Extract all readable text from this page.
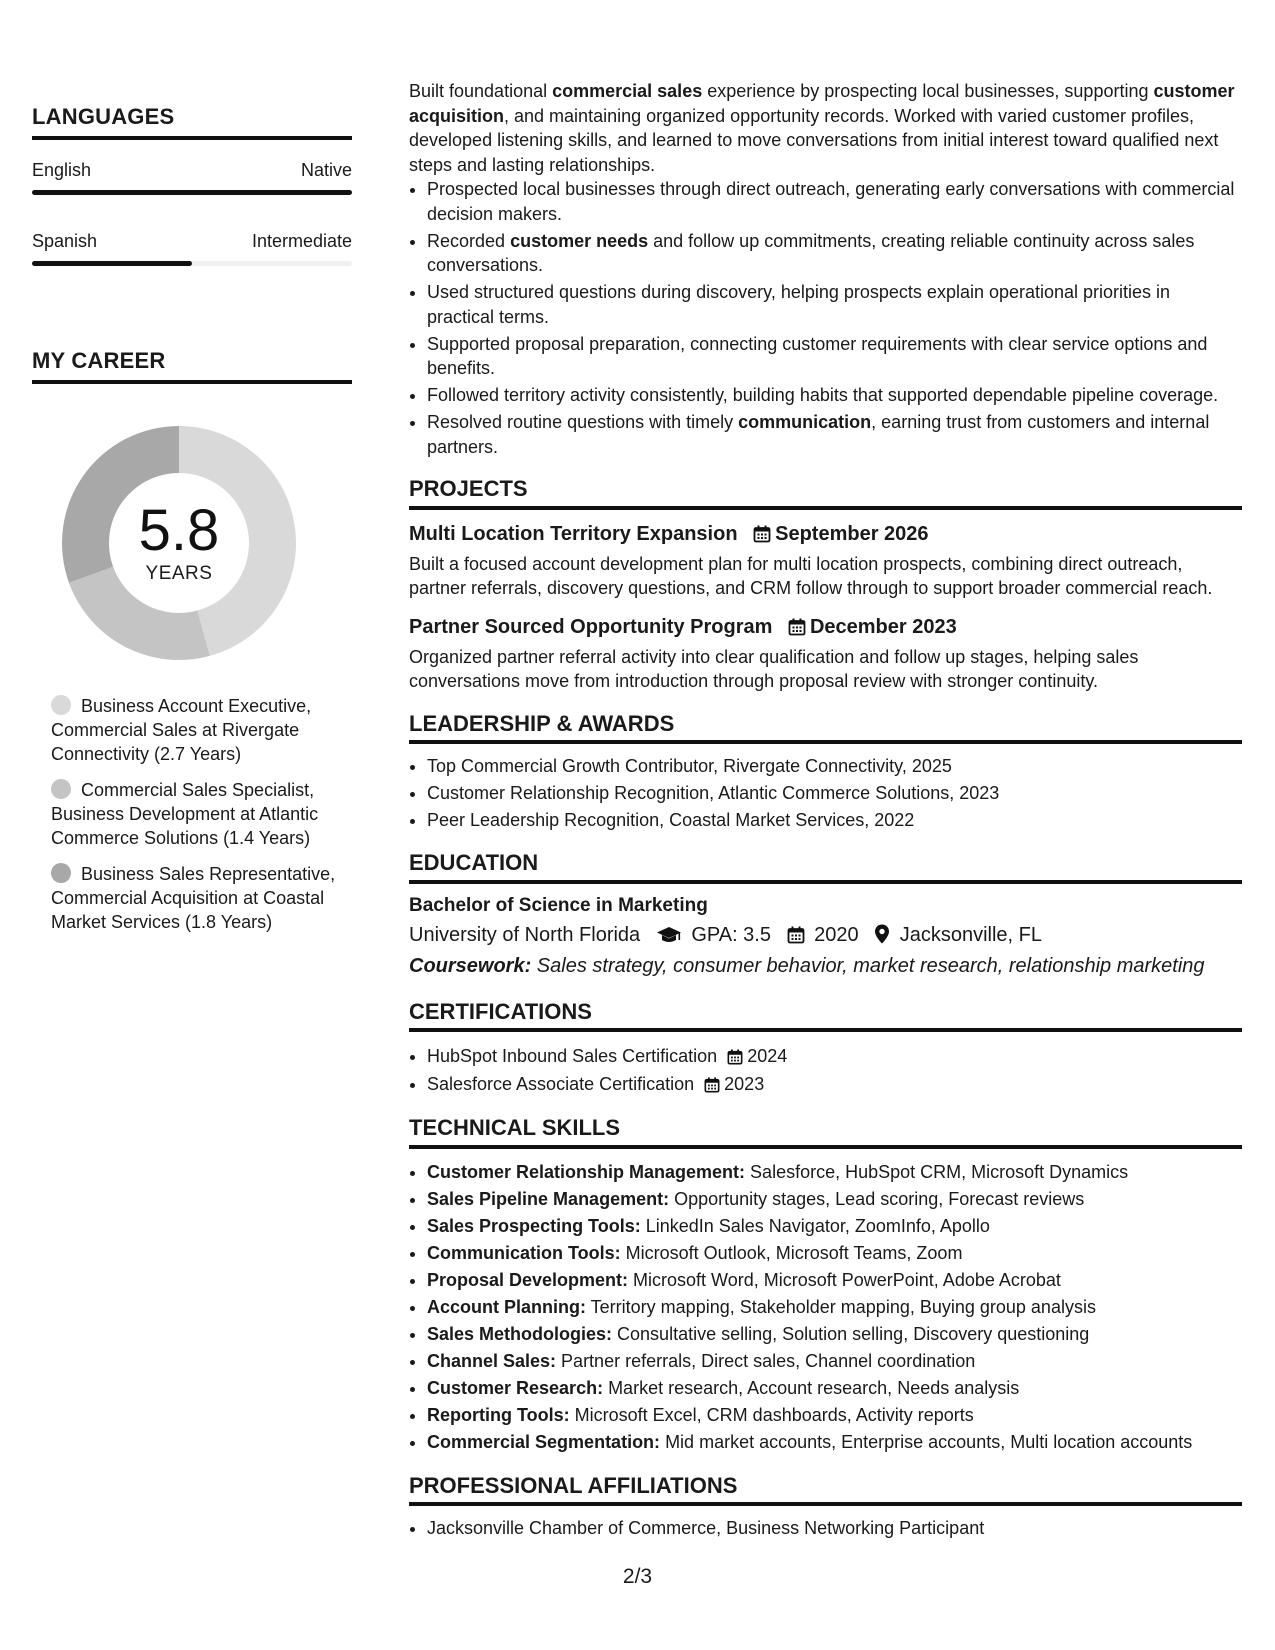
LANGUAGES
English	Native
Spanish	Intermediate
MY CAREER
5.8
YEARS
Business Account Executive, Commercial Sales at Rivergate Connectivity (2.7 Years)
Commercial Sales Specialist, Business Development at Atlantic Commerce Solutions (1.4 Years)
Business Sales Representative, Commercial Acquisition at Coastal Market Services (1.8 Years)

Built foundational commercial sales experience by prospecting local businesses, supporting customer acquisition, and maintaining organized opportunity records. Worked with varied customer profiles, developed listening skills, and learned to move conversations from initial interest toward qualified next steps and lasting relationships.

• Prospected local businesses through direct outreach, generating early conversations with commercial decision makers.
• Recorded customer needs and follow up commitments, creating reliable continuity across sales conversations.
• Used structured questions during discovery, helping prospects explain operational priorities in practical terms.
• Supported proposal preparation, connecting customer requirements with clear service options and benefits.
• Followed territory activity consistently, building habits that supported dependable pipeline coverage.
• Resolved routine questions with timely communication, earning trust from customers and internal partners.
PROJECTS
Multi Location Territory Expansion September 2026
Built a focused account development plan for multi location prospects, combining direct outreach, partner referrals, discovery questions, and CRM follow through to support broader commercial reach.
Partner Sourced Opportunity Program December 2023
Organized partner referral activity into clear qualification and follow up stages, helping sales conversations move from introduction through proposal review with stronger continuity.
LEADERSHIP & AWARDS
• Top Commercial Growth Contributor, Rivergate Connectivity, 2025
• Customer Relationship Recognition, Atlantic Commerce Solutions, 2023
• Peer Leadership Recognition, Coastal Market Services, 2022
EDUCATION
Bachelor of Science in Marketing
University of North Florida	GPA: 3.5 2020 Jacksonville, FL
Coursework: Sales strategy, consumer behavior, market research, relationship marketing
CERTIFICATIONS
• HubSpot Inbound Sales Certification 2024
• Salesforce Associate Certification 2023
TECHNICAL SKILLS
• Customer Relationship Management: Salesforce, HubSpot CRM, Microsoft Dynamics
• Sales Pipeline Management: Opportunity stages, Lead scoring, Forecast reviews
• Sales Prospecting Tools: LinkedIn Sales Navigator, ZoomInfo, Apollo
• Communication Tools: Microsoft Outlook, Microsoft Teams, Zoom
• Proposal Development: Microsoft Word, Microsoft PowerPoint, Adobe Acrobat
• Account Planning: Territory mapping, Stakeholder mapping, Buying group analysis
• Sales Methodologies: Consultative selling, Solution selling, Discovery questioning
• Channel Sales: Partner referrals, Direct sales, Channel coordination
• Customer Research: Market research, Account research, Needs analysis
• Reporting Tools: Microsoft Excel, CRM dashboards, Activity reports
• Commercial Segmentation: Mid market accounts, Enterprise accounts, Multi location accounts
PROFESSIONAL AFFILIATIONS
• Jacksonville Chamber of Commerce, Business Networking Participant
2/3
